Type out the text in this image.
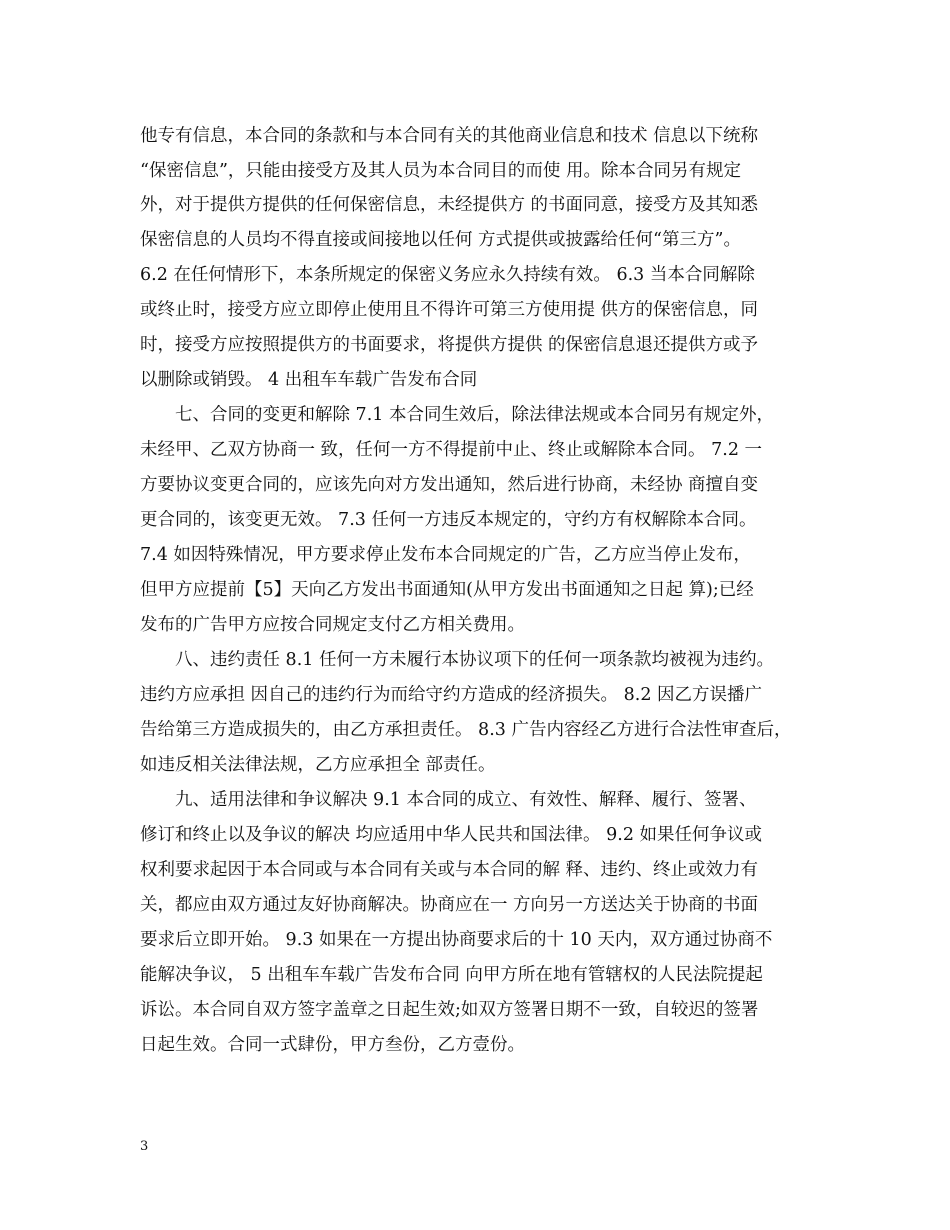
他专有信息，本合同的条款和与本合同有关的其他商业信息和技术 信息以下统称
“保密信息”，只能由接受方及其人员为本合同目的而使 用。除本合同另有规定
外，对于提供方提供的任何保密信息，未经提供方 的书面同意，接受方及其知悉
保密信息的人员均不得直接或间接地以任何 方式提供或披露给任何“第三方”。
6.2 在任何情形下，本条所规定的保密义务应永久持续有效。 6.3 当本合同解除
或终止时，接受方应立即停止使用且不得许可第三方使用提 供方的保密信息，同
时，接受方应按照提供方的书面要求，将提供方提供 的保密信息退还提供方或予
以删除或销毁。 4 出租车车载广告发布合同
七、合同的变更和解除 7.1 本合同生效后，除法律法规或本合同另有规定外，
未经甲、乙双方协商一 致，任何一方不得提前中止、终止或解除本合同。 7.2 一
方要协议变更合同的，应该先向对方发出通知，然后进行协商，未经协 商擅自变
更合同的，该变更无效。 7.3 任何一方违反本规定的，守约方有权解除本合同。
7.4 如因特殊情况，甲方要求停止发布本合同规定的广告，乙方应当停止发布，
但甲方应提前【5】天向乙方发出书面通知(从甲方发出书面通知之日起 算);已经
发布的广告甲方应按合同规定支付乙方相关费用。
八、违约责任 8.1 任何一方未履行本协议项下的任何一项条款均被视为违约。
违约方应承担 因自己的违约行为而给守约方造成的经济损失。 8.2 因乙方误播广
告给第三方造成损失的，由乙方承担责任。 8.3 广告内容经乙方进行合法性审查后，
如违反相关法律法规，乙方应承担全 部责任。
九、适用法律和争议解决 9.1 本合同的成立、有效性、解释、履行、签署、
修订和终止以及争议的解决 均应适用中华人民共和国法律。 9.2 如果任何争议或
权利要求起因于本合同或与本合同有关或与本合同的解 释、违约、终止或效力有
关，都应由双方通过友好协商解决。协商应在一 方向另一方送达关于协商的书面
要求后立即开始。 9.3 如果在一方提出协商要求后的十 10 天内，双方通过协商不
能解决争议， 5 出租车车载广告发布合同 向甲方所在地有管辖权的人民法院提起
诉讼。本合同自双方签字盖章之日起生效;如双方签署日期不一致，自较迟的签署
日起生效。合同一式肆份，甲方叁份，乙方壹份。
3
